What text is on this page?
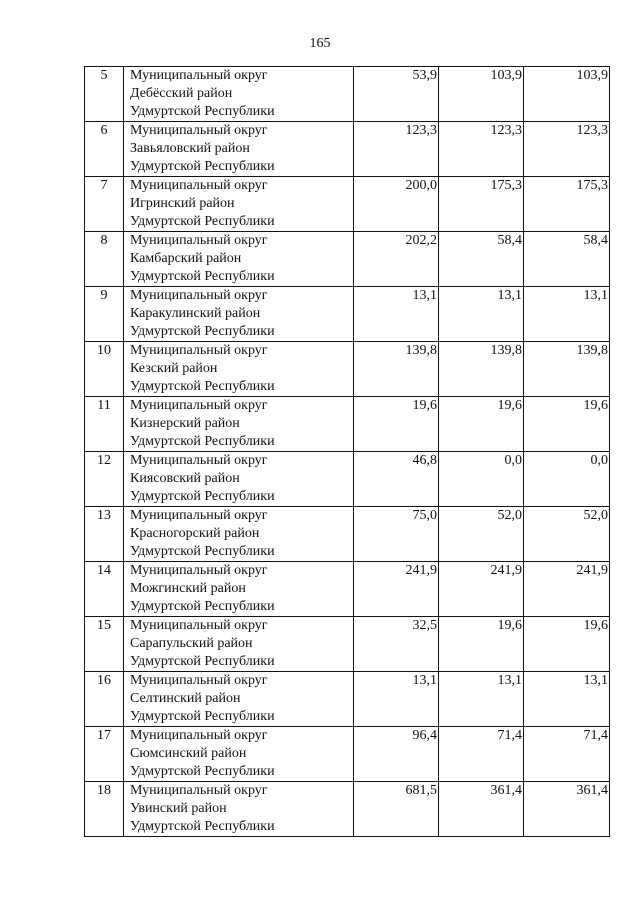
165
5	Муниципальный округ
Дебёсский район
Удмуртской Республики	53,9	103,9	103,9
6	Муниципальный округ
Завьяловский район
Удмуртской Республики	123,3	123,3	123,3
7	Муниципальный округ
Игринский район
Удмуртской Республики	200,0	175,3	175,3
8	Муниципальный округ
Камбарский район
Удмуртской Республики	202,2	58,4	58,4
9	Муниципальный округ
Каракулинский район
Удмуртской Республики	13,1	13,1	13,1
10	Муниципальный округ
Кезский район
Удмуртской Республики	139,8	139,8	139,8
11	Муниципальный округ
Кизнерский район
Удмуртской Республики	19,6	19,6	19,6
12	Муниципальный округ
Киясовский район
Удмуртской Республики	46,8	0,0	0,0
13	Муниципальный округ
Красногорский район
Удмуртской Республики	75,0	52,0	52,0
14	Муниципальный округ
Можгинский район
Удмуртской Республики	241,9	241,9	241,9
15	Муниципальный округ
Сарапульский район
Удмуртской Республики	32,5	19,6	19,6
16	Муниципальный округ
Селтинский район
Удмуртской Республики	13,1	13,1	13,1
17	Муниципальный округ
Сюмсинский район
Удмуртской Республики	96,4	71,4	71,4
18	Муниципальный округ
Увинский район
Удмуртской Республики	681,5	361,4	361,4
